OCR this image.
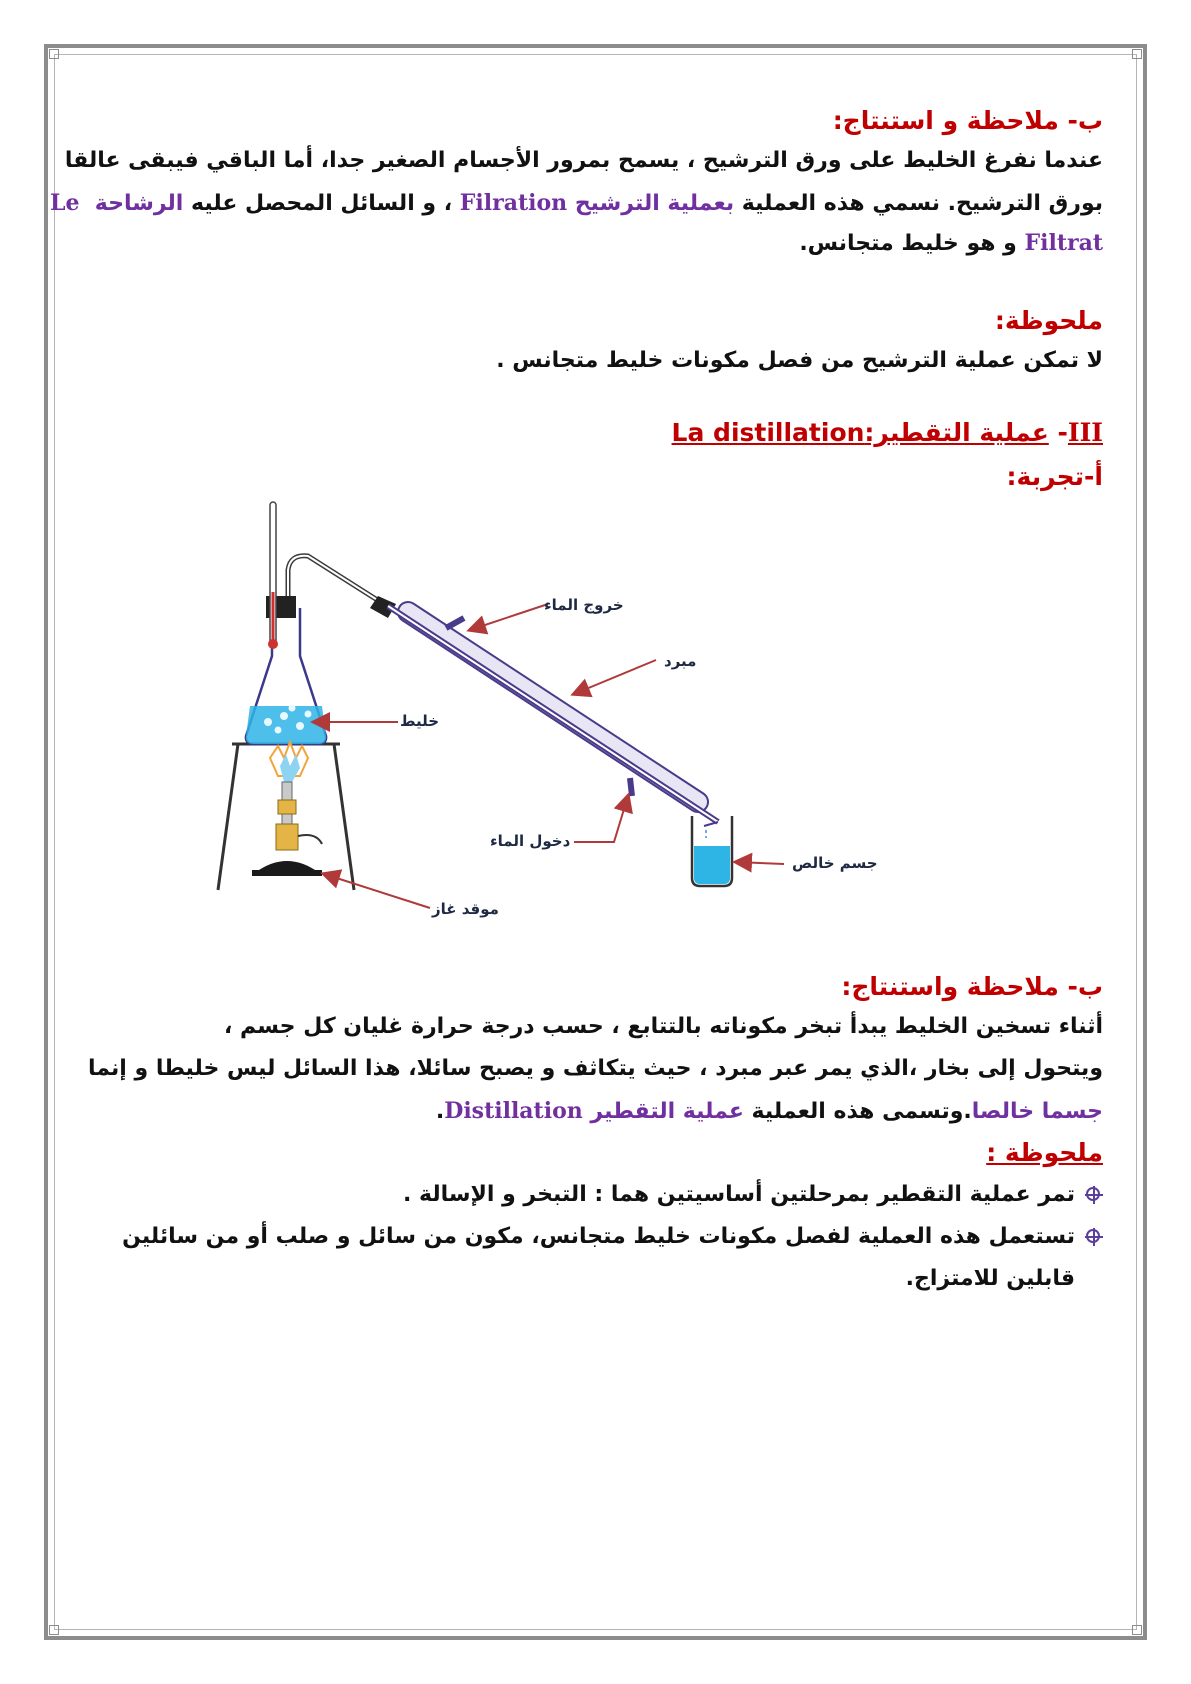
ب- ملاحظة و استنتاج:
عندما نفرغ الخليط على ورق الترشيح ، يسمح بمرور الأجسام الصغير جدا، أما الباقي فيبقى عالقا
بورق الترشيح. نسمي هذه العملية بعملية الترشيح Filration ، و السائل المحصل عليه الرشاحة  Le
Filtrat و هو خليط متجانس.
ملحوظة:
لا تمكن عملية الترشيح من فصل مكونات خليط متجانس .
III- عملية التقطير:La distillation
أ-تجربة:
خروج الماء
مبرد
خليط
دخول الماء
جسم خالص
موقد غاز
ب- ملاحظة واستنتاج:
أثناء تسخين الخليط يبدأ تبخر مكوناته بالتتابع ، حسب درجة حرارة غليان كل جسم ،
ويتحول إلى بخار ،الذي يمر عبر مبرد ، حيث يتكاثف و يصبح سائلا، هذا السائل ليس خليطا و إنما
جسما خالصا.وتسمى هذه العملية عملية التقطير Distillation.
ملحوظة :
تمر عملية التقطير بمرحلتين أساسيتين هما : التبخر و الإسالة .
تستعمل هذه العملية لفصل مكونات خليط متجانس، مكون من سائل و صلب أو من سائلين
قابلين للامتزاج.
